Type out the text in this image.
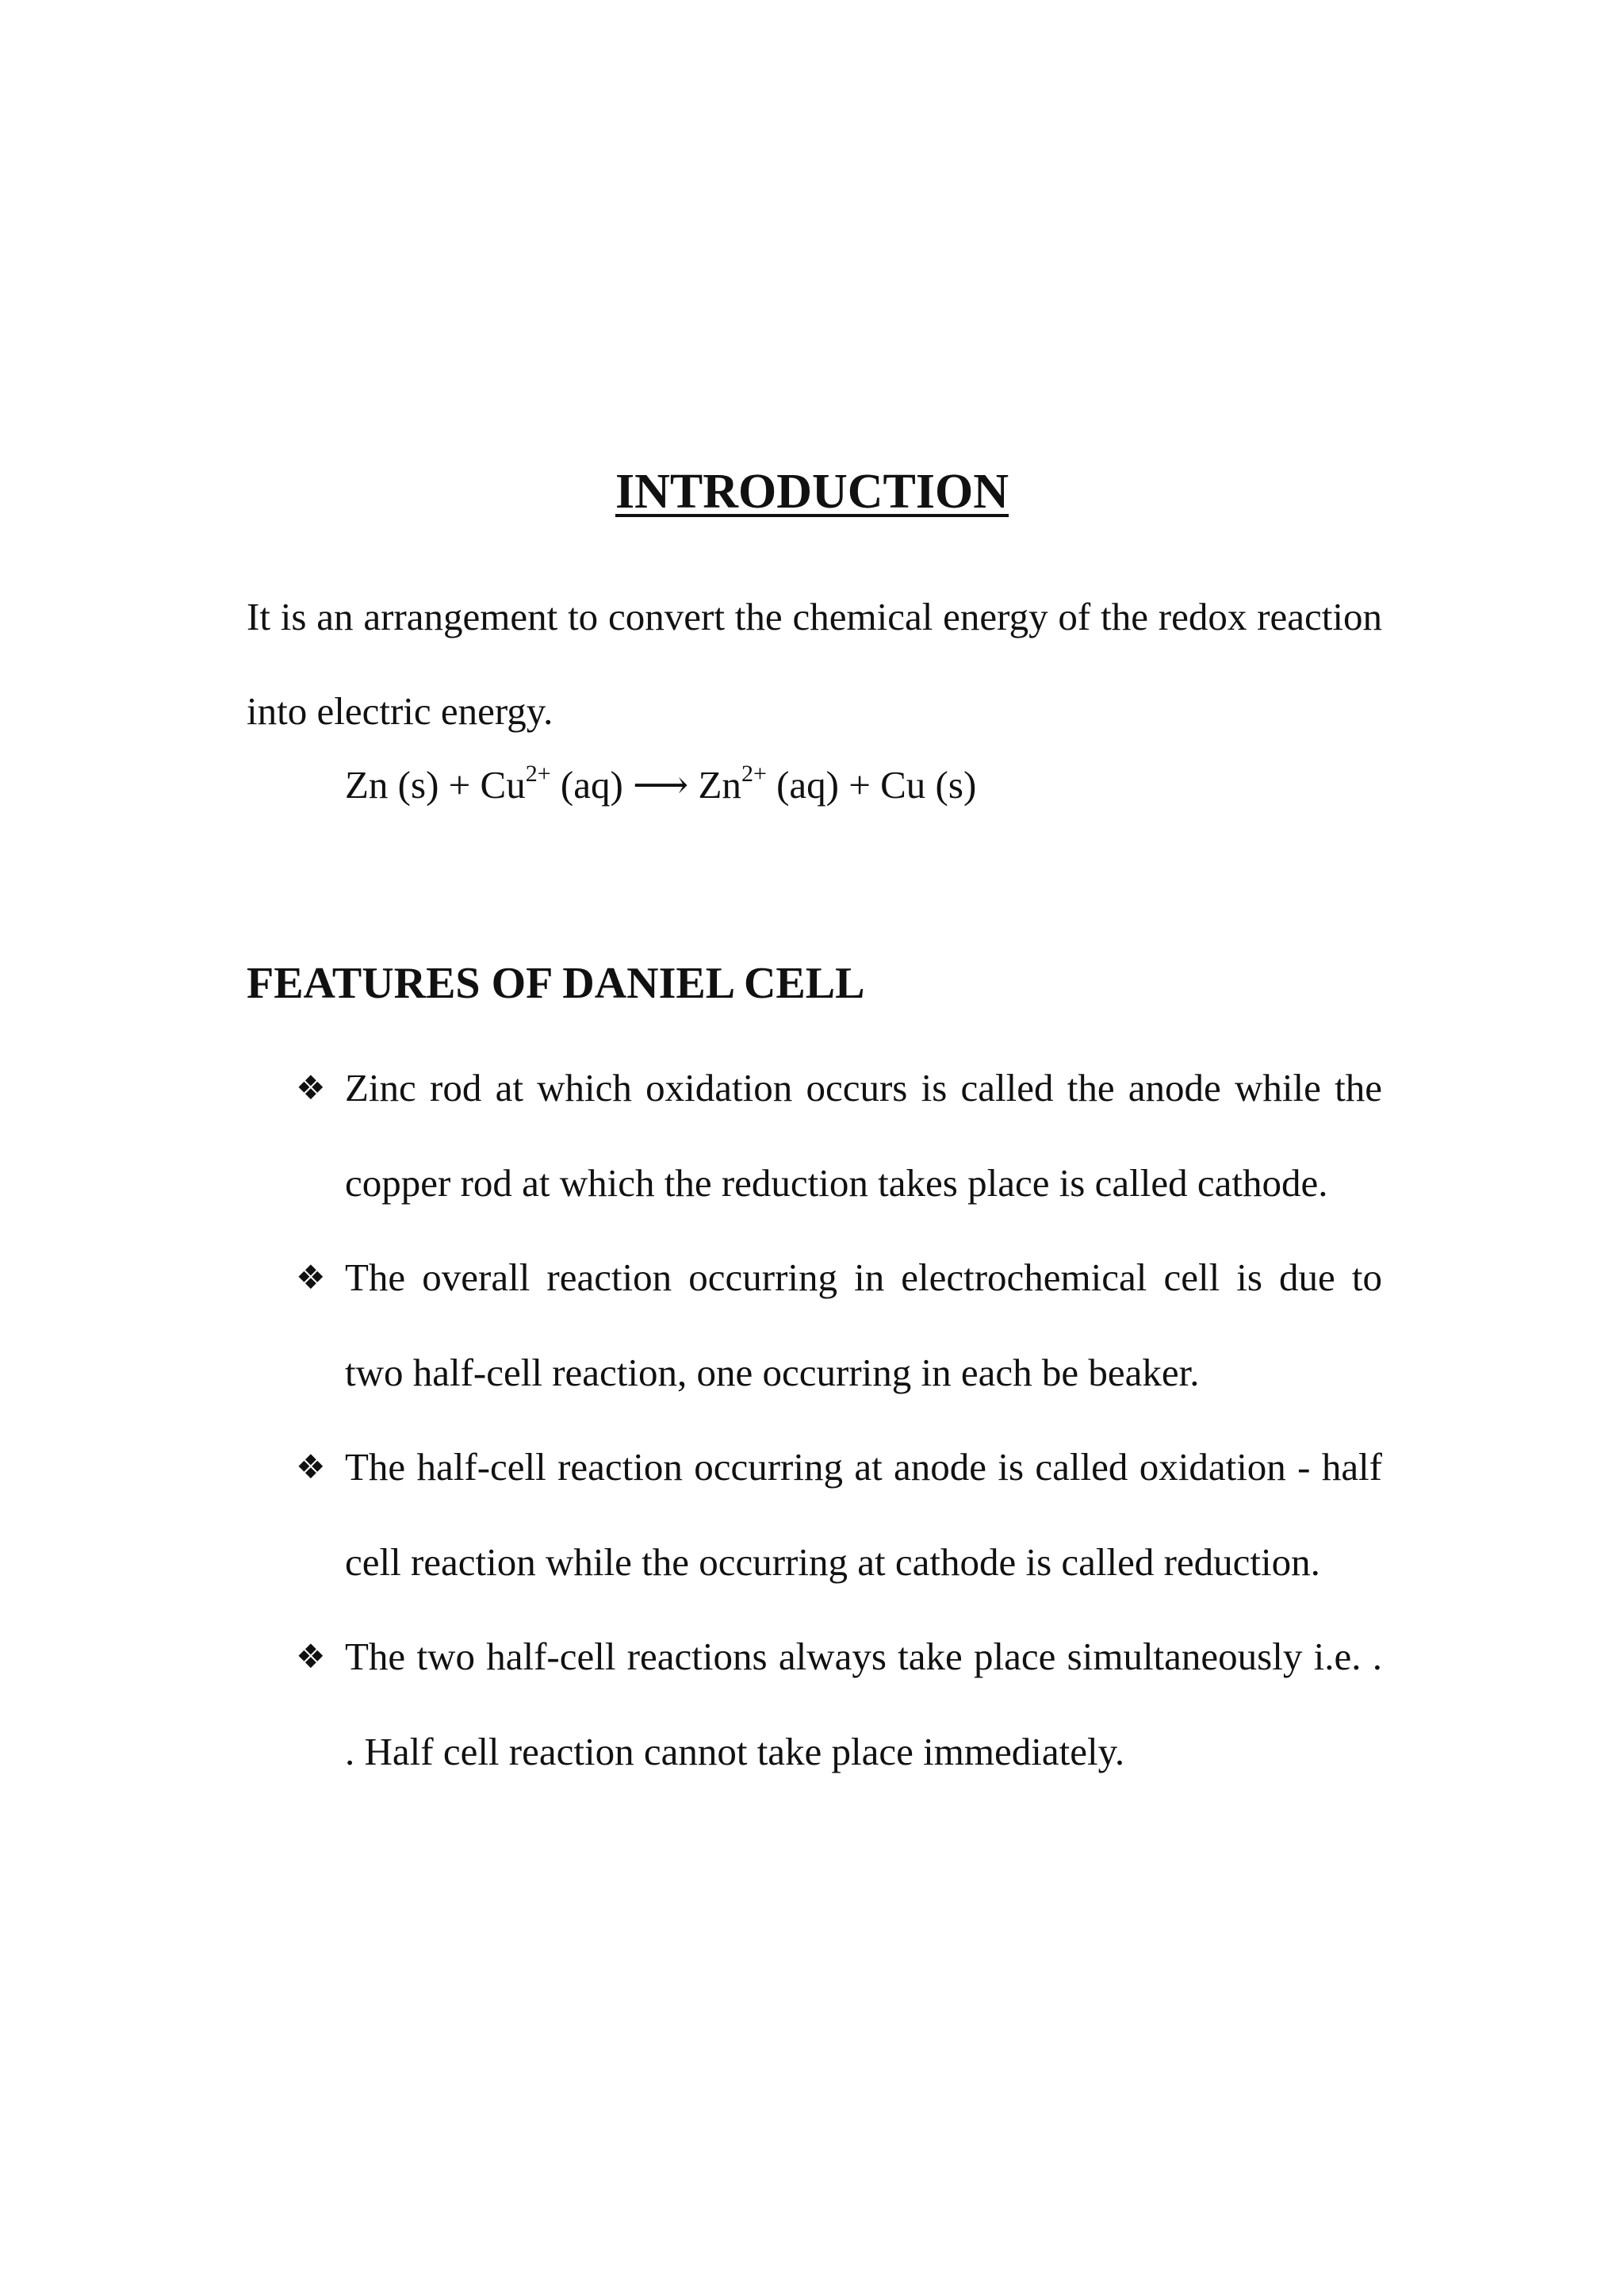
INTRODUCTION

It is an arrangement to convert the chemical energy of the redox reaction into electric energy.

Zn $(s) + Cu^{2+}$ (aq) ⟶ $Zn^{2+}$ (aq) + Cu (s)
FEATURES OF DANIEL CELL
❖ Zinc rod at which oxidation occurs is called the anode while the copper rod at which the reduction takes place is called cathode.
❖ The overall reaction occurring in electrochemical cell is due to two half-cell reaction, one occurring in each be beaker.
❖ The half-cell reaction occurring at anode is called oxidation - half cell reaction while the occurring at cathode is called reduction.
❖ The two half-cell reactions always take place simultaneously i.e. . . Half cell reaction cannot take place immediately.
